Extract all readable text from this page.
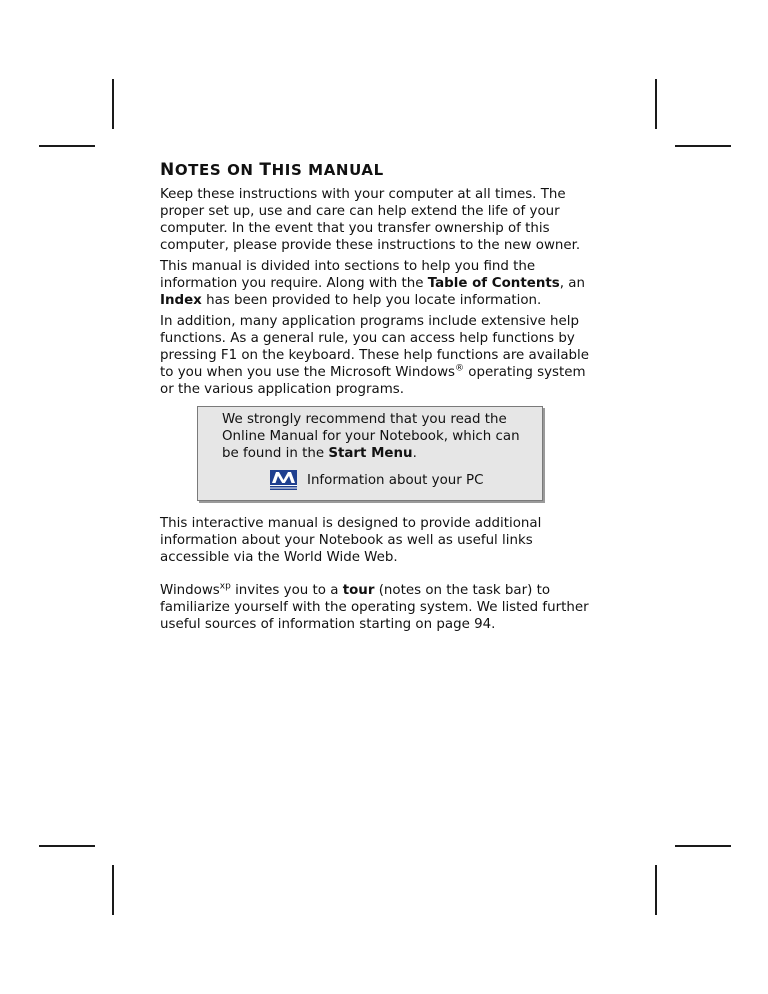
NOTES ON THIS MANUAL

Keep these instructions with your computer at all times. The proper set up, use and care can help extend the life of your computer. In the event that you transfer ownership of this computer, please provide these instructions to the new owner.

This manual is divided into sections to help you find the information you require. Along with the Table of Contents, an Index has been provided to help you locate information.

In addition, many application programs include extensive help functions. As a general rule, you can access help functions by pressing F1 on the keyboard. These help functions are available to you when you use the Microsoft Windows® operating system or the various application programs.

We strongly recommend that you read the Online Manual for your Notebook, which can be found in the Start Menu.
Information about your PC

This interactive manual is designed to provide additional information about your Notebook as well as useful links accessible via the World Wide Web.

Windows$^{xp}$ invites you to a tour (notes on the task bar) to familiarize yourself with the operating system. We listed further useful sources of information starting on page 94.
